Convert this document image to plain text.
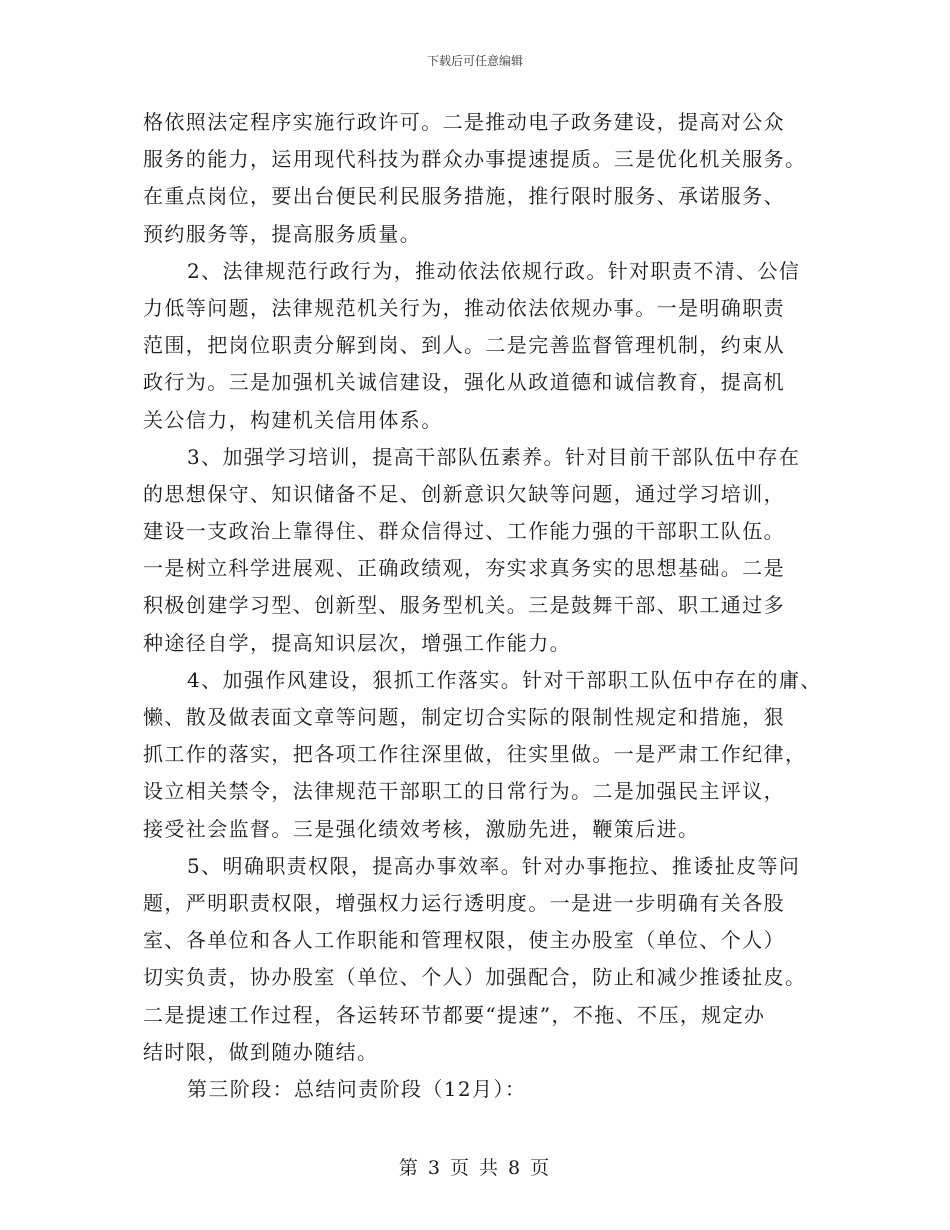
下载后可任意编辑
格依照法定程序实施行政许可。二是推动电子政务建设，提高对公众
服务的能力，运用现代科技为群众办事提速提质。三是优化机关服务。
在重点岗位，要出台便民利民服务措施，推行限时服务、承诺服务、
预约服务等，提高服务质量。
2、法律规范行政行为，推动依法依规行政。针对职责不清、公信
力低等问题，法律规范机关行为，推动依法依规办事。一是明确职责
范围，把岗位职责分解到岗、到人。二是完善监督管理机制，约束从
政行为。三是加强机关诚信建设，强化从政道德和诚信教育，提高机
关公信力，构建机关信用体系。
3、加强学习培训，提高干部队伍素养。针对目前干部队伍中存在
的思想保守、知识储备不足、创新意识欠缺等问题，通过学习培训，
建设一支政治上靠得住、群众信得过、工作能力强的干部职工队伍。
一是树立科学进展观、正确政绩观，夯实求真务实的思想基础。二是
积极创建学习型、创新型、服务型机关。三是鼓舞干部、职工通过多
种途径自学，提高知识层次，增强工作能力。
4、加强作风建设，狠抓工作落实。针对干部职工队伍中存在的庸、
懒、散及做表面文章等问题，制定切合实际的限制性规定和措施，狠
抓工作的落实，把各项工作往深里做，往实里做。一是严肃工作纪律，
设立相关禁令，法律规范干部职工的日常行为。二是加强民主评议，
接受社会监督。三是强化绩效考核，激励先进，鞭策后进。
5、明确职责权限，提高办事效率。针对办事拖拉、推诿扯皮等问
题，严明职责权限，增强权力运行透明度。一是进一步明确有关各股
室、各单位和各人工作职能和管理权限，使主办股室（单位、个人）
切实负责，协办股室（单位、个人）加强配合，防止和减少推诿扯皮。
二是提速工作过程，各运转环节都要“提速”，不拖、不压，规定办
结时限，做到随办随结。
第三阶段：总结问责阶段（12月）：
第 3 页 共 8 页
